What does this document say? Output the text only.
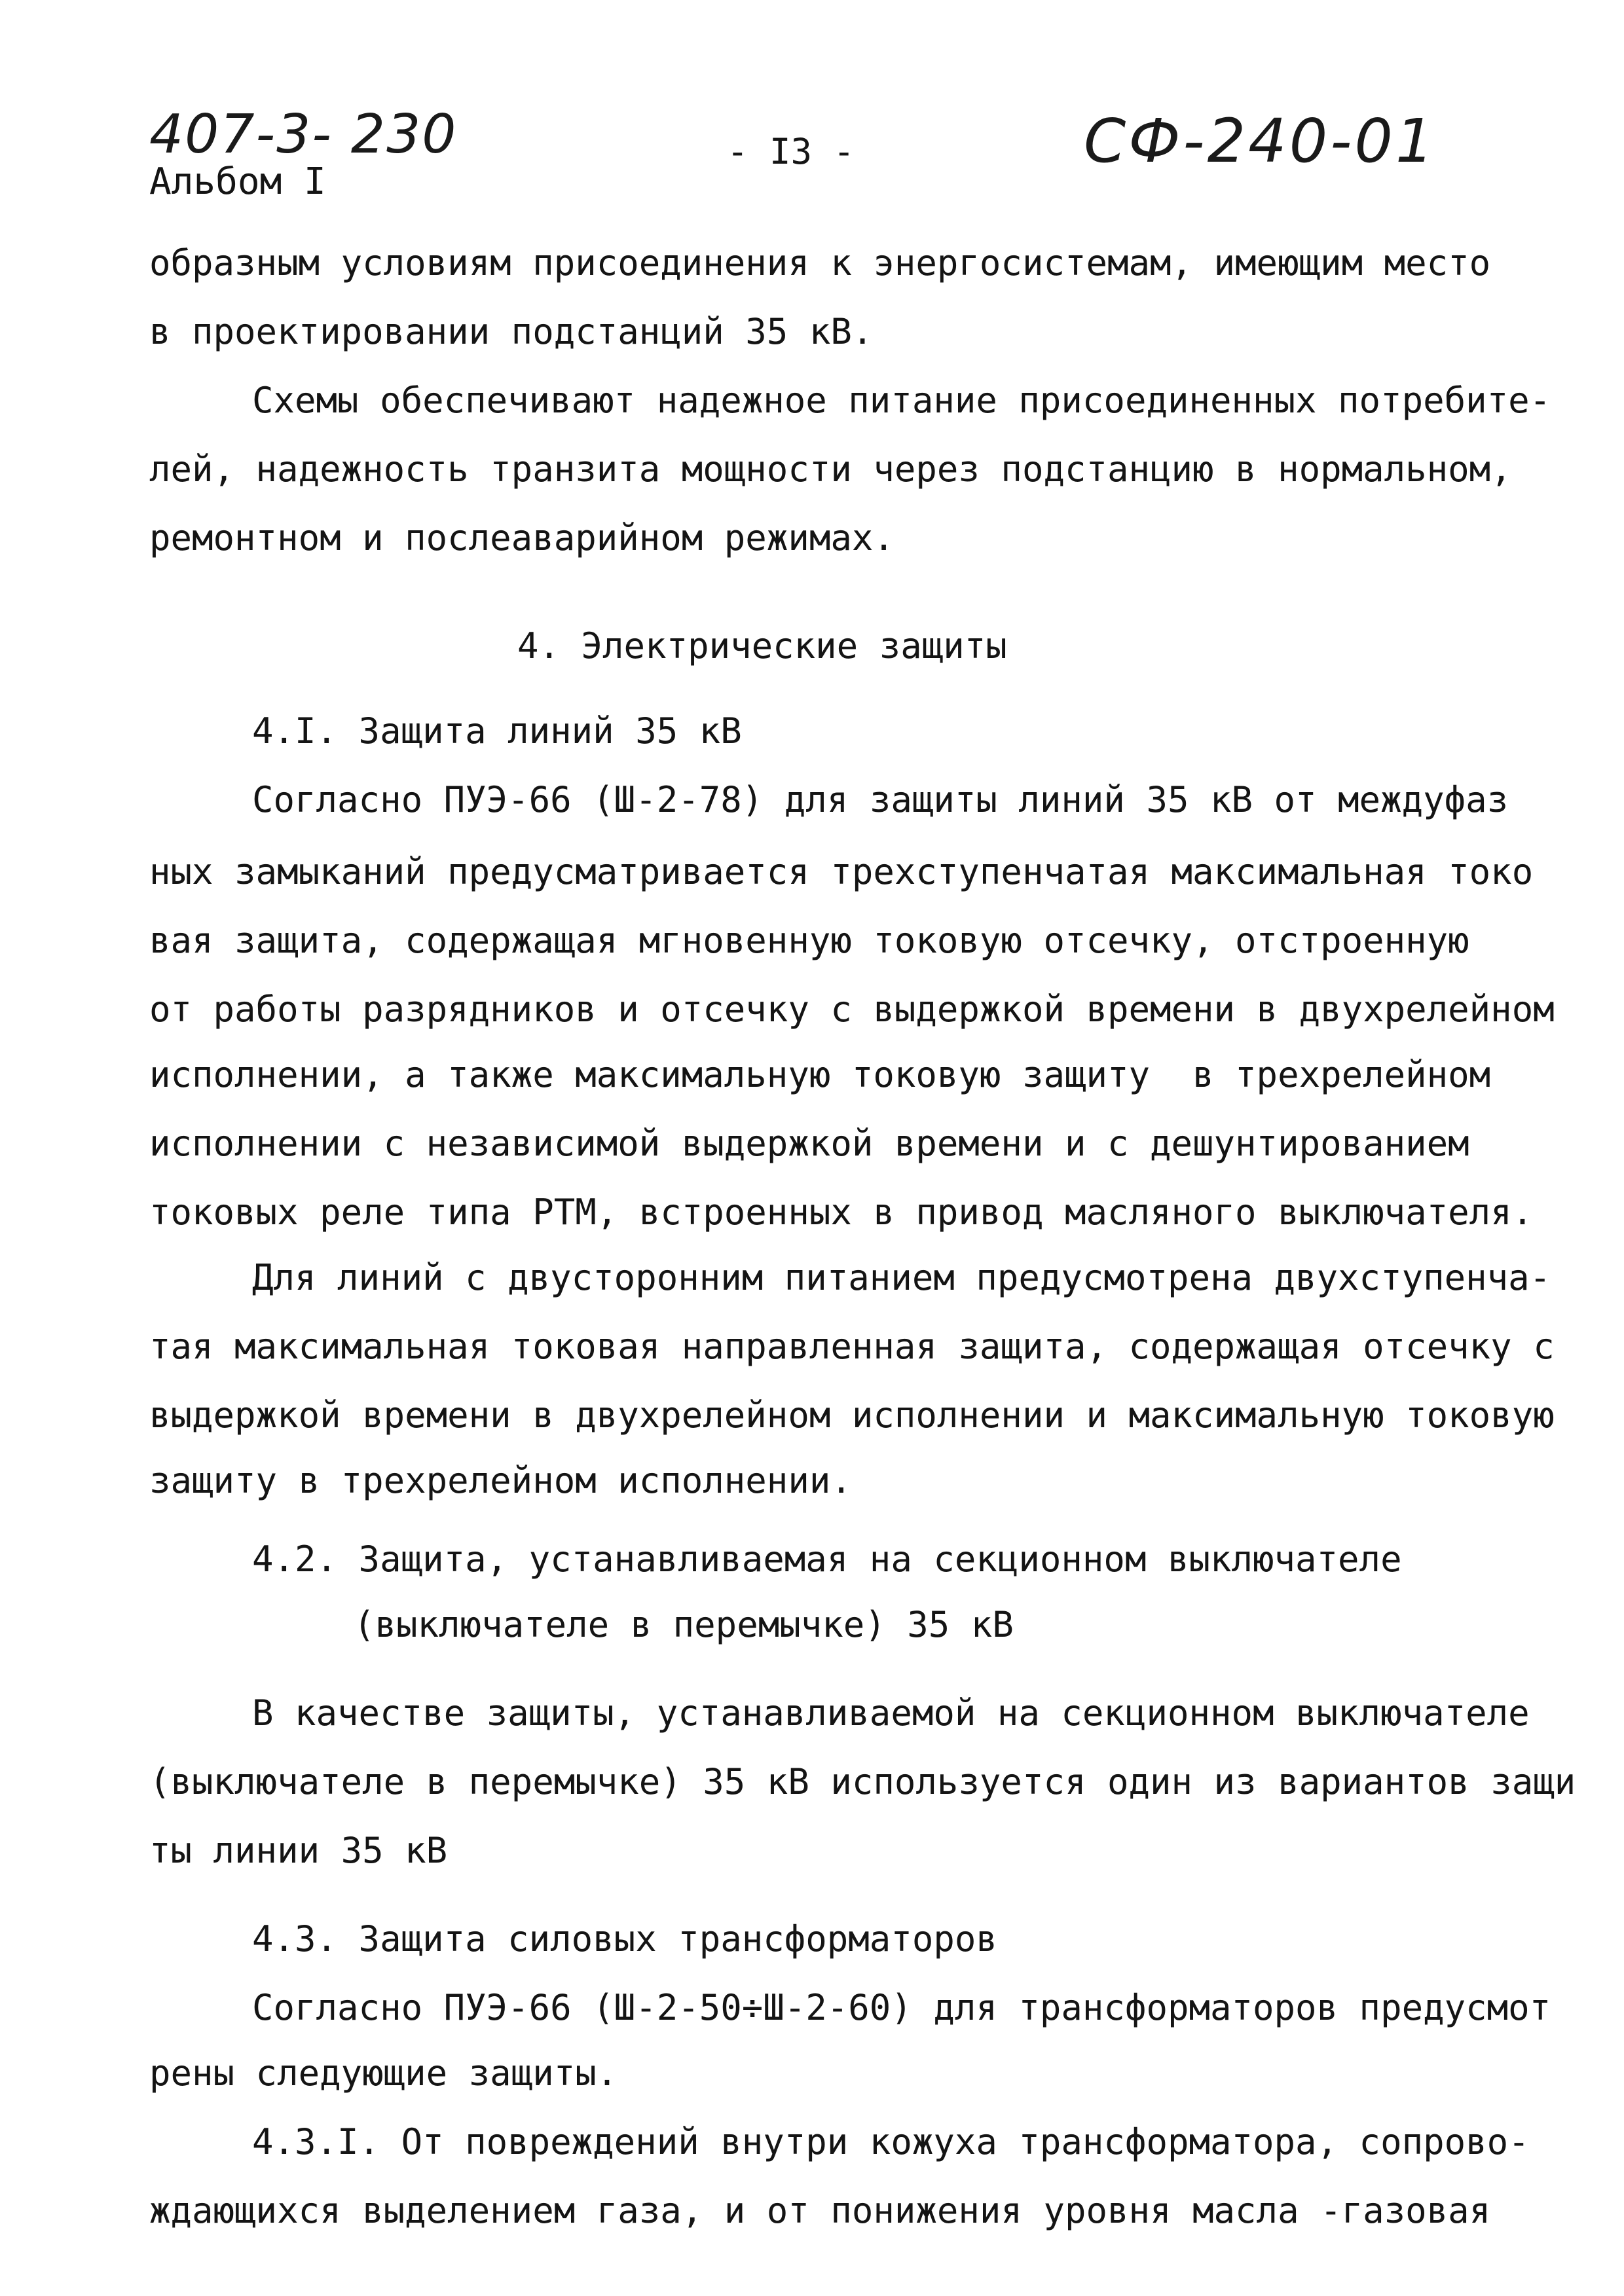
407-3- 230
Альбом I
- I3 -	СФ-240-01
образным условиям присоединения к энергосистемам, имеющим место
в проектировании подстанций 35 кВ.
Схемы обеспечивают надежное питание присоединенных потребите-
лей, надежность транзита мощности через подстанцию в нормальном,
ремонтном и послеаварийном режимах.
4. Электрические защиты
4.I. Защита линий 35 кВ
Согласно ПУЭ-66 (Ш-2-78) для защиты линий 35 кВ от междуфаз
ных замыканий предусматривается трехступенчатая максимальная токо
вая защита, содержащая мгновенную токовую отсечку, отстроенную
от работы разрядников и отсечку с выдержкой времени в двухрелейном
исполнении, а также максимальную токовую защиту  в трехрелейном
исполнении с независимой выдержкой времени и с дешунтированием
токовых реле типа РТМ, встроенных в привод масляного выключателя.
Для линий с двусторонним питанием предусмотрена двухступенча-
тая максимальная токовая направленная защита, содержащая отсечку с
выдержкой времени в двухрелейном исполнении и максимальную токовую
защиту в трехрелейном исполнении.
4.2. Защита, устанавливаемая на секционном выключателе
(выключателе в перемычке) 35 кВ
В качестве защиты, устанавливаемой на секционном выключателе
(выключателе в перемычке) 35 кВ используется один из вариантов защи
ты линии 35 кВ
4.3. Защита силовых трансформаторов
Согласно ПУЭ-66 (Ш-2-50÷Ш-2-60) для трансформаторов предусмот
рены следующие защиты.
4.3.I. От повреждений внутри кожуха трансформатора, сопрово-
ждающихся выделением газа, и от понижения уровня масла -газовая
